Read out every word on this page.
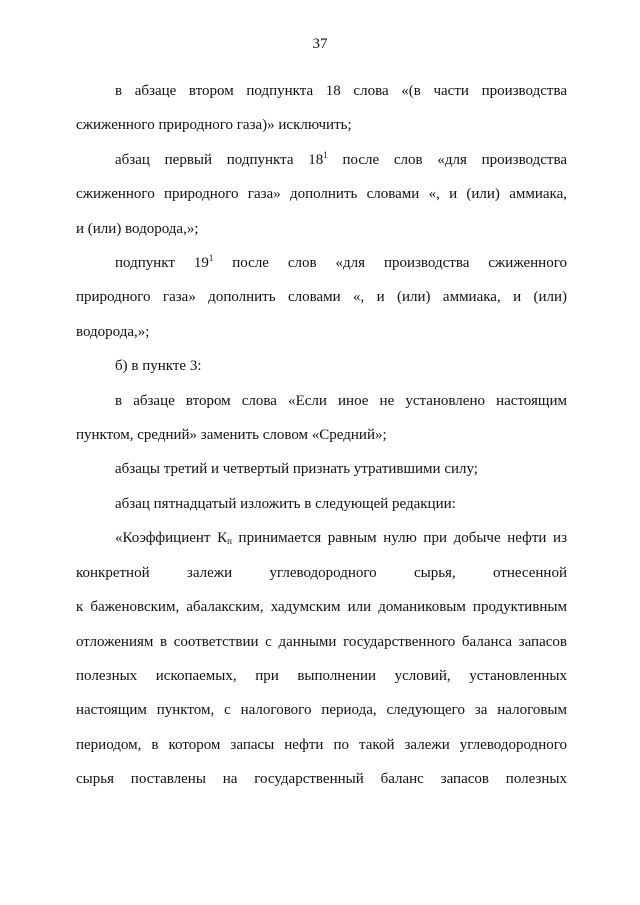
37
в абзаце втором подпункта 18 слова «(в части производства
сжиженного природного газа)» исключить;
абзац первый подпункта $18^1$ после слов «для производства
сжиженного природного газа» дополнить словами «, и (или) аммиака,
и (или) водорода,»;
подпункт $19^1$ после слов «для производства сжиженного
природного газа» дополнить словами «, и (или) аммиака, и (или)
водорода,»;
б) в пункте 3:
в абзаце втором слова «Если иное не установлено настоящим
пунктом, средний» заменить словом «Средний»;
абзацы третий и четвертый признать утратившими силу;
абзац пятнадцатый изложить в следующей редакции:
«Коэффициент $К_п$ принимается равным нулю при добыче нефти из
конкретной залежи углеводородного сырья, отнесенной
к баженовским, абалакским, хадумским или доманиковым продуктивным
отложениям в соответствии с данными государственного баланса запасов
полезных ископаемых, при выполнении условий, установленных
настоящим пунктом, с налогового периода, следующего за налоговым
периодом, в котором запасы нефти по такой залежи углеводородного
сырья поставлены на государственный баланс запасов полезных
